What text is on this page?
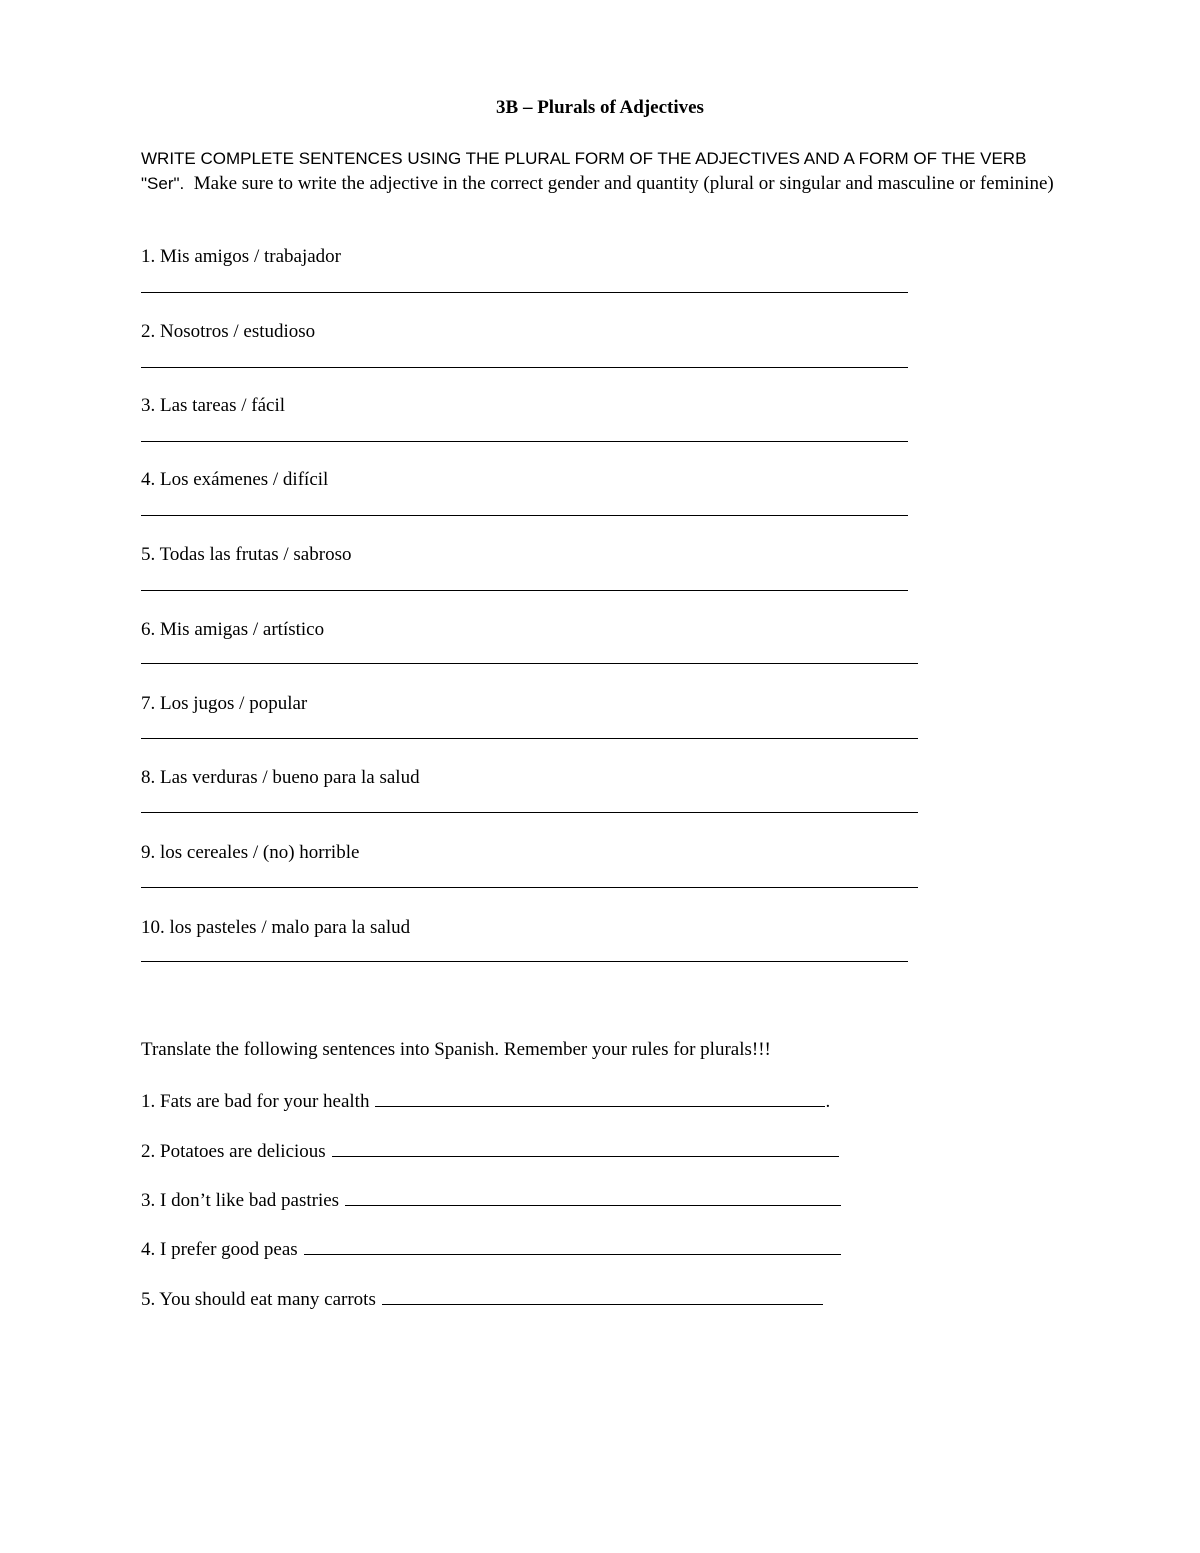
3B – Plurals of Adjectives
WRITE COMPLETE SENTENCES USING THE PLURAL FORM OF THE ADJECTIVES AND A FORM OF THE VERB "Ser". Make sure to write the adjective in the correct gender and quantity (plural or singular and masculine or feminine)
1. Mis amigos / trabajador
2. Nosotros / estudioso
3. Las tareas / fácil
4. Los exámenes / difícil
5. Todas las frutas / sabroso
6. Mis amigas / artístico
7. Los jugos / popular
8. Las verduras / bueno para la salud
9. los cereales / (no) horrible
10. los pasteles / malo para la salud
Translate the following sentences into Spanish. Remember your rules for plurals!!!
1. Fats are bad for your health	.
2. Potatoes are delicious
3. I don’t like bad pastries
4. I prefer good peas
5. You should eat many carrots
